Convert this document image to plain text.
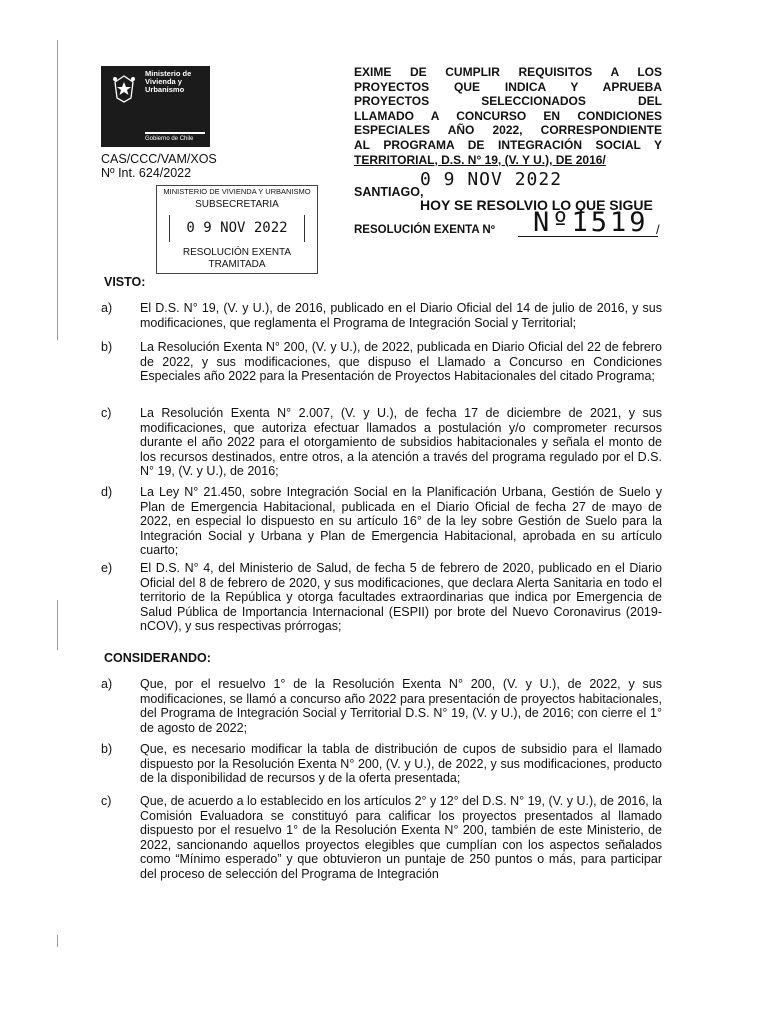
Ministerio de
Vivienda y
Urbanismo
Gobierno de Chile
CAS/CCC/VAM/XOS
Nº Int. 624/2022
EXIME DE CUMPLIR REQUISITOS A LOS
PROYECTOS QUE INDICA Y APRUEBA
PROYECTOS SELECCIONADOS DEL
LLAMADO A CONCURSO EN CONDICIONES
ESPECIALES AÑO 2022, CORRESPONDIENTE
AL PROGRAMA DE INTEGRACIÓN SOCIAL Y
TERRITORIAL, D.S. N° 19, (V. Y U.), DE 2016/
MINISTERIO DE VIVIENDA Y URBANISMO
SUBSECRETARIA
0 9 NOV 2022
RESOLUCIÓN EXENTA
TRAMITADA
0 9 NOV 2022
SANTIAGO,
HOY SE RESOLVIO LO QUE SIGUE
RESOLUCIÓN EXENTA Nº Nº1519 /
VISTO:
a) El D.S. N° 19, (V. y U.), de 2016, publicado en el Diario Oficial del 14 de julio de 2016, y sus modificaciones, que reglamenta el Programa de Integración Social y Territorial;
b) La Resolución Exenta N° 200, (V. y U.), de 2022, publicada en Diario Oficial del 22 de febrero de 2022, y sus modificaciones, que dispuso el Llamado a Concurso en Condiciones Especiales año 2022 para la Presentación de Proyectos Habitacionales del citado Programa;
c) La Resolución Exenta N° 2.007, (V. y U.), de fecha 17 de diciembre de 2021, y sus modificaciones, que autoriza efectuar llamados a postulación y/o comprometer recursos durante el año 2022 para el otorgamiento de subsidios habitacionales y señala el monto de los recursos destinados, entre otros, a la atención a través del programa regulado por el D.S. N° 19, (V. y U.), de 2016;
d) La Ley N° 21.450, sobre Integración Social en la Planificación Urbana, Gestión de Suelo y Plan de Emergencia Habitacional, publicada en el Diario Oficial de fecha 27 de mayo de 2022, en especial lo dispuesto en su artículo 16° de la ley sobre Gestión de Suelo para la Integración Social y Urbana y Plan de Emergencia Habitacional, aprobada en su artículo cuarto;
e) El D.S. N° 4, del Ministerio de Salud, de fecha 5 de febrero de 2020, publicado en el Diario Oficial del 8 de febrero de 2020, y sus modificaciones, que declara Alerta Sanitaria en todo el territorio de la República y otorga facultades extraordinarias que indica por Emergencia de Salud Pública de Importancia Internacional (ESPII) por brote del Nuevo Coronavirus (2019-nCOV), y sus respectivas prórrogas;
CONSIDERANDO:
a) Que, por el resuelvo 1° de la Resolución Exenta N° 200, (V. y U.), de 2022, y sus modificaciones, se llamó a concurso año 2022 para presentación de proyectos habitacionales, del Programa de Integración Social y Territorial D.S. N° 19, (V. y U.), de 2016; con cierre el 1° de agosto de 2022;
b) Que, es necesario modificar la tabla de distribución de cupos de subsidio para el llamado dispuesto por la Resolución Exenta N° 200, (V. y U.), de 2022, y sus modificaciones, producto de la disponibilidad de recursos y de la oferta presentada;
c) Que, de acuerdo a lo establecido en los artículos 2° y 12° del D.S. N° 19, (V. y U.), de 2016, la Comisión Evaluadora se constituyó para calificar los proyectos presentados al llamado dispuesto por el resuelvo 1° de la Resolución Exenta N° 200, también de este Ministerio, de 2022, sancionando aquellos proyectos elegibles que cumplían con los aspectos señalados como “Mínimo esperado” y que obtuvieron un puntaje de 250 puntos o más, para participar del proceso de selección del Programa de Integración
